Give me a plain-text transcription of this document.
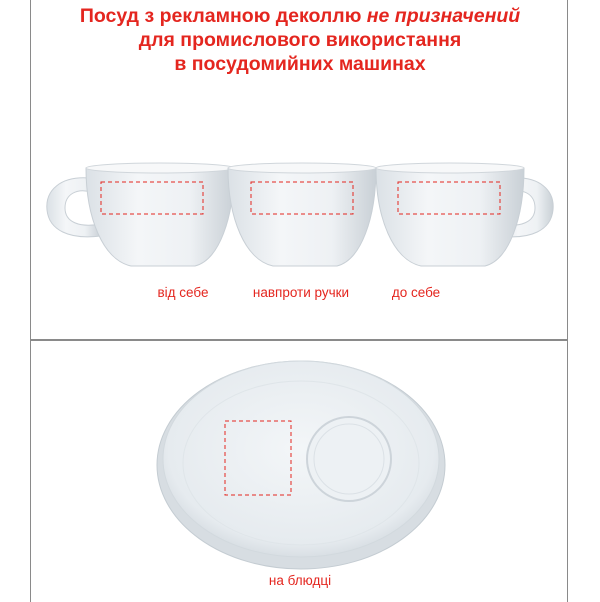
Посуд з рекламною деколлю не призначений

для промислового використання

в посудомийних машинах

від себе	навпроти ручки	до себе

на блюдці
